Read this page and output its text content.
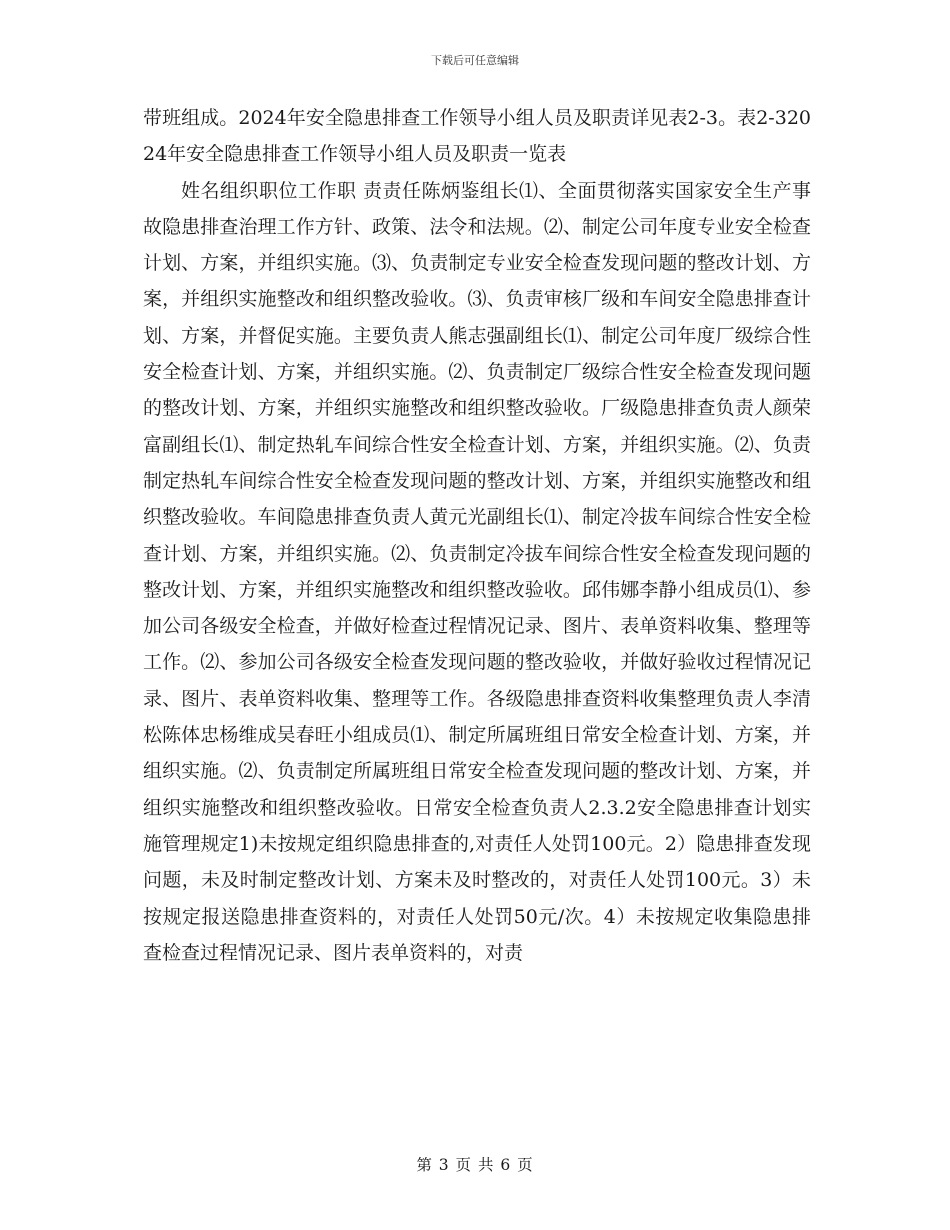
下载后可任意编辑

带班组成。2024年安全隐患排查工作领导小组人员及职责详见表2-3。表2-32024年安全隐患排查工作领导小组人员及职责一览表

姓名组织职位工作职 责责任陈炳鉴组长⑴、全面贯彻落实国家安全生产事故隐患排查治理工作方针、政策、法令和法规。⑵、制定公司年度专业安全检查计划、方案，并组织实施。⑶、负责制定专业安全检查发现问题的整改计划、方案，并组织实施整改和组织整改验收。⑶、负责审核厂级和车间安全隐患排查计划、方案，并督促实施。主要负责人熊志强副组长⑴、制定公司年度厂级综合性安全检查计划、方案，并组织实施。⑵、负责制定厂级综合性安全检查发现问题的整改计划、方案，并组织实施整改和组织整改验收。厂级隐患排查负责人颜荣富副组长⑴、制定热轧车间综合性安全检查计划、方案，并组织实施。⑵、负责制定热轧车间综合性安全检查发现问题的整改计划、方案，并组织实施整改和组织整改验收。车间隐患排查负责人黄元光副组长⑴、制定冷拔车间综合性安全检查计划、方案，并组织实施。⑵、负责制定冷拔车间综合性安全检查发现问题的整改计划、方案，并组织实施整改和组织整改验收。邱伟娜李静小组成员⑴、参加公司各级安全检查，并做好检查过程情况记录、图片、表单资料收集、整理等工作。⑵、参加公司各级安全检查发现问题的整改验收，并做好验收过程情况记录、图片、表单资料收集、整理等工作。各级隐患排查资料收集整理负责人李清松陈体忠杨维成吴春旺小组成员⑴、制定所属班组日常安全检查计划、方案，并组织实施。⑵、负责制定所属班组日常安全检查发现问题的整改计划、方案，并组织实施整改和组织整改验收。日常安全检查负责人2.3.2安全隐患排查计划实施管理规定1)未按规定组织隐患排查的,对责任人处罚100元。2）隐患排查发现问题，未及时制定整改计划、方案未及时整改的，对责任人处罚100元。3）未按规定报送隐患排查资料的，对责任人处罚50元/次。4）未按规定收集隐患排查检查过程情况记录、图片表单资料的，对责

第 3 页 共 6 页
